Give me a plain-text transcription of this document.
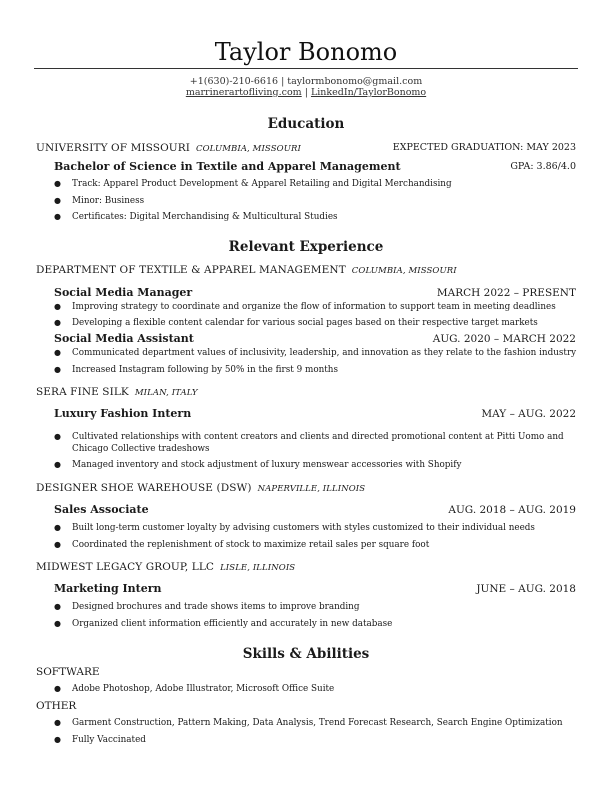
Taylor Bonomo
+1(630)-210-6616 | taylormbonomo@gmail.com
marrinerartofliving.com | LinkedIn/TaylorBonomo
Education
UNIVERSITY OF MISSOURI COLUMBIA, MISSOURI	EXPECTED GRADUATION: MAY 2023
Bachelor of Science in Textile and Apparel Management	GPA: 3.86/4.0
● Track: Apparel Product Development & Apparel Retailing and Digital Merchandising
● Minor: Business
● Certificates: Digital Merchandising & Multicultural Studies
Relevant Experience
DEPARTMENT OF TEXTILE & APPAREL MANAGEMENT COLUMBIA, MISSOURI
Social Media Manager	MARCH 2022 – PRESENT
● Improving strategy to coordinate and organize the flow of information to support team in meeting deadlines
● Developing a flexible content calendar for various social pages based on their respective target markets
Social Media Assistant	AUG. 2020 – MARCH 2022
● Communicated department values of inclusivity, leadership, and innovation as they relate to the fashion industry
● Increased Instagram following by 50% in the first 9 months
SERA FINE SILK MILAN, ITALY
Luxury Fashion Intern	MAY – AUG. 2022
● Cultivated relationships with content creators and clients and directed promotional content at Pitti Uomo and Chicago Collective tradeshows
● Managed inventory and stock adjustment of luxury menswear accessories with Shopify
DESIGNER SHOE WAREHOUSE (DSW) NAPERVILLE, ILLINOIS
Sales Associate	AUG. 2018 – AUG. 2019
● Built long-term customer loyalty by advising customers with styles customized to their individual needs
● Coordinated the replenishment of stock to maximize retail sales per square foot
MIDWEST LEGACY GROUP, LLC LISLE, ILLINOIS
Marketing Intern	JUNE – AUG. 2018
● Designed brochures and trade shows items to improve branding
● Organized client information efficiently and accurately in new database
Skills & Abilities
SOFTWARE
● Adobe Photoshop, Adobe Illustrator, Microsoft Office Suite
OTHER
● Garment Construction, Pattern Making, Data Analysis, Trend Forecast Research, Search Engine Optimization
● Fully Vaccinated
